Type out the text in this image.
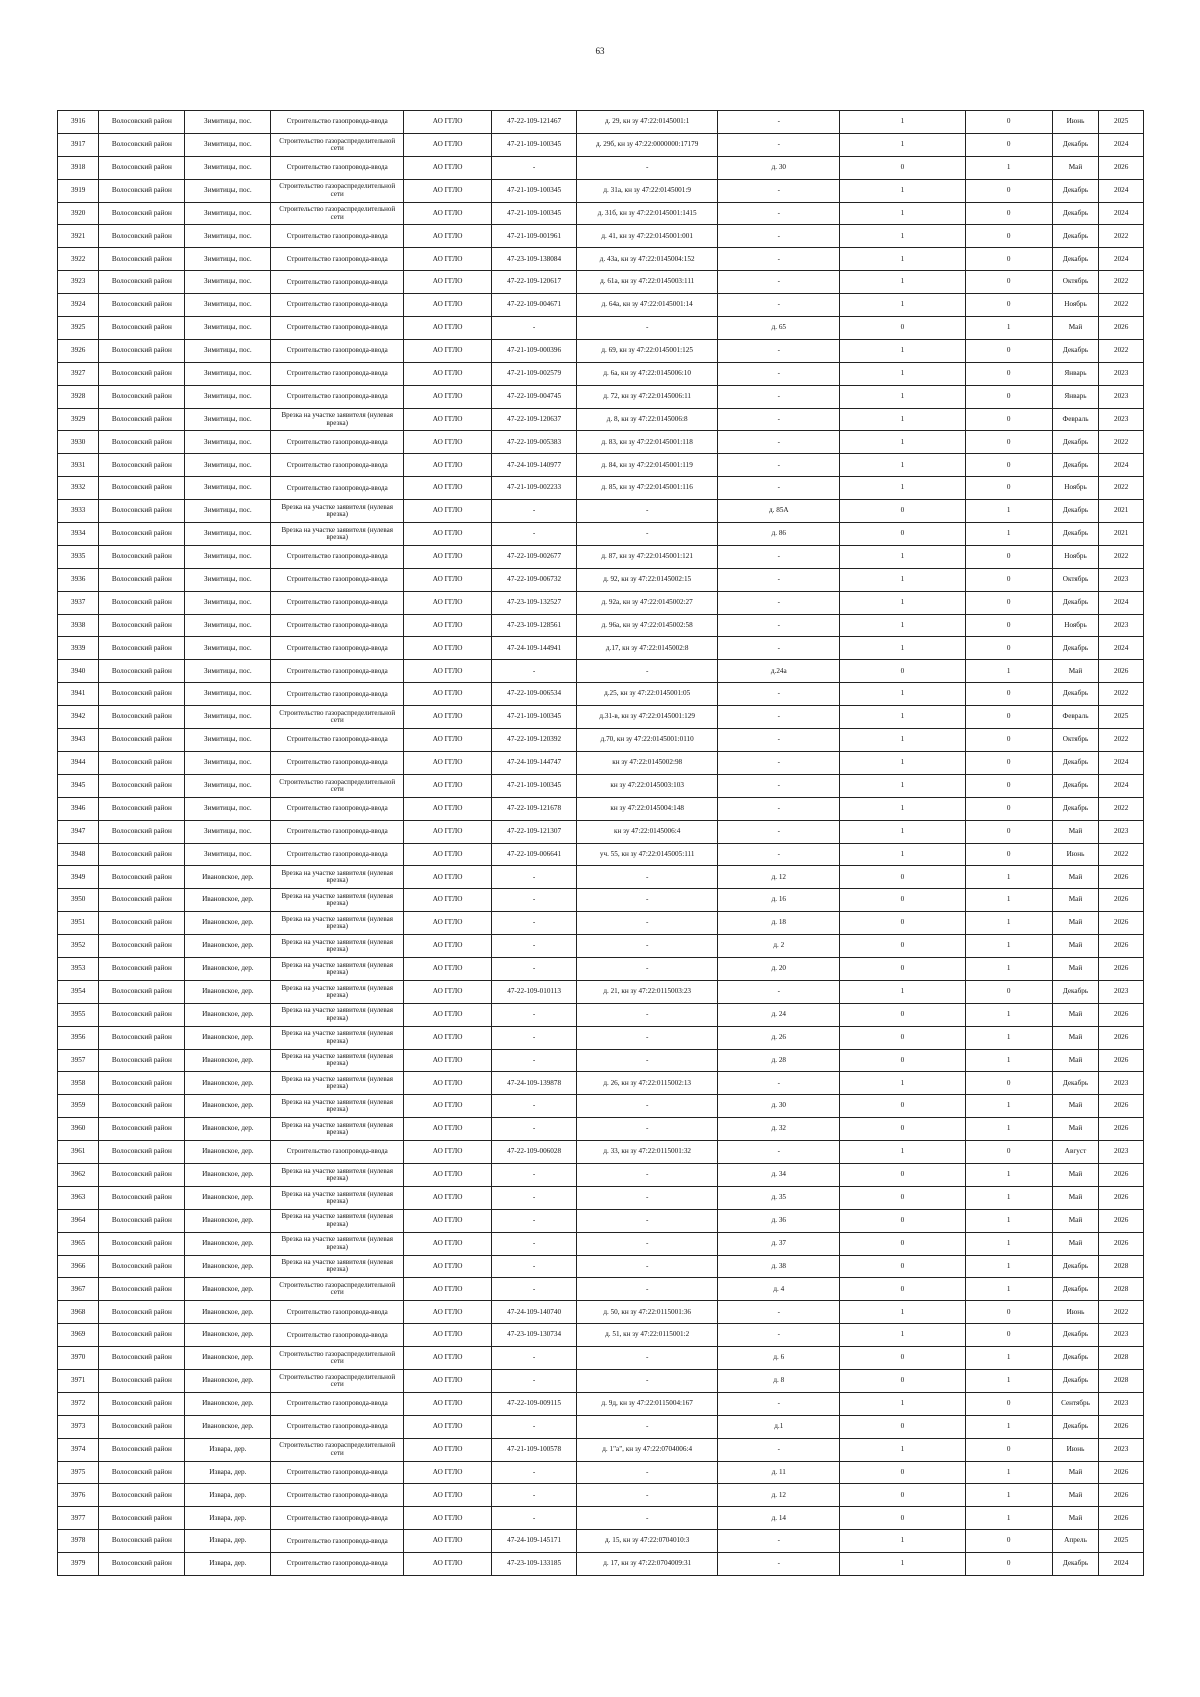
63
3916	Волосовский район	Зимитицы, пос.	Строительство газопровода-ввода	АО ГГЛО	47-22-109-121467	д. 29, кн зу 47:22:0145001:1	-	1	0	Июнь	2025
3917	Волосовский район	Зимитицы, пос.	Строительство газораспределительной сети	АО ГГЛО	47-21-109-100345	д. 29б, кн зу 47:22:0000000:17179	-	1	0	Декабрь	2024
3918	Волосовский район	Зимитицы, пос.	Строительство газопровода-ввода	АО ГГЛО	-	-	д. 30	0	1	Май	2026
3919	Волосовский район	Зимитицы, пос.	Строительство газораспределительной сети	АО ГГЛО	47-21-109-100345	д. 31а, кн зу 47:22:0145001:9	-	1	0	Декабрь	2024
3920	Волосовский район	Зимитицы, пос.	Строительство газораспределительной сети	АО ГГЛО	47-21-109-100345	д. 31б, кн зу 47:22:0145001:1415	-	1	0	Декабрь	2024
3921	Волосовский район	Зимитицы, пос.	Строительство газопровода-ввода	АО ГГЛО	47-21-109-001961	д. 41, кн зу 47:22:0145001:001	-	1	0	Декабрь	2022
3922	Волосовский район	Зимитицы, пос.	Строительство газопровода-ввода	АО ГГЛО	47-23-109-138084	д. 43а, кн зу 47:22:0145004:152	-	1	0	Декабрь	2024
3923	Волосовский район	Зимитицы, пос.	Строительство газопровода-ввода	АО ГГЛО	47-22-109-120617	д. 61а, кн зу 47:22:0145003:111	-	1	0	Октябрь	2022
3924	Волосовский район	Зимитицы, пос.	Строительство газопровода-ввода	АО ГГЛО	47-22-109-004671	д. 64а, кн зу 47:22:0145001:14	-	1	0	Ноябрь	2022
3925	Волосовский район	Зимитицы, пос.	Строительство газопровода-ввода	АО ГГЛО	-	-	д. 65	0	1	Май	2026
3926	Волосовский район	Зимитицы, пос.	Строительство газопровода-ввода	АО ГГЛО	47-21-109-000396	д. 69, кн зу 47:22:0145001:125	-	1	0	Декабрь	2022
3927	Волосовский район	Зимитицы, пос.	Строительство газопровода-ввода	АО ГГЛО	47-21-109-002579	д. 6а, кн зу 47:22:0145006:10	-	1	0	Январь	2023
3928	Волосовский район	Зимитицы, пос.	Строительство газопровода-ввода	АО ГГЛО	47-22-109-004745	д. 72, кн зу 47:22:0145006:11	-	1	0	Январь	2023
3929	Волосовский район	Зимитицы, пос.	Врезка на участке заявителя (нулевая врезка)	АО ГГЛО	47-22-109-120637	д. 8, кн зу 47:22:0145006:8	-	1	0	Февраль	2023
3930	Волосовский район	Зимитицы, пос.	Строительство газопровода-ввода	АО ГГЛО	47-22-109-005383	д. 83, кн зу 47:22:0145001:118	-	1	0	Декабрь	2022
3931	Волосовский район	Зимитицы, пос.	Строительство газопровода-ввода	АО ГГЛО	47-24-109-140977	д. 84, кн зу 47:22:0145001:119	-	1	0	Декабрь	2024
3932	Волосовский район	Зимитицы, пос.	Строительство газопровода-ввода	АО ГГЛО	47-21-109-002233	д. 85, кн зу 47:22:0145001:116	-	1	0	Ноябрь	2022
3933	Волосовский район	Зимитицы, пос.	Врезка на участке заявителя (нулевая врезка)	АО ГГЛО	-	-	д. 85А	0	1	Декабрь	2021
3934	Волосовский район	Зимитицы, пос.	Врезка на участке заявителя (нулевая врезка)	АО ГГЛО	-	-	д. 86	0	1	Декабрь	2021
3935	Волосовский район	Зимитицы, пос.	Строительство газопровода-ввода	АО ГГЛО	47-22-109-002677	д. 87, кн зу 47:22:0145001:121	-	1	0	Ноябрь	2022
3936	Волосовский район	Зимитицы, пос.	Строительство газопровода-ввода	АО ГГЛО	47-22-109-006732	д. 92, кн зу 47:22:0145002:15	-	1	0	Октябрь	2023
3937	Волосовский район	Зимитицы, пос.	Строительство газопровода-ввода	АО ГГЛО	47-23-109-132527	д. 92а, кн зу 47:22:0145002:27	-	1	0	Декабрь	2024
3938	Волосовский район	Зимитицы, пос.	Строительство газопровода-ввода	АО ГГЛО	47-23-109-128561	д. 96а, кн зу 47:22:0145002:58	-	1	0	Ноябрь	2023
3939	Волосовский район	Зимитицы, пос.	Строительство газопровода-ввода	АО ГГЛО	47-24-109-144941	д.17, кн зу 47:22:0145002:8	-	1	0	Декабрь	2024
3940	Волосовский район	Зимитицы, пос.	Строительство газопровода-ввода	АО ГГЛО	-	-	д.24а	0	1	Май	2026
3941	Волосовский район	Зимитицы, пос.	Строительство газопровода-ввода	АО ГГЛО	47-22-109-006534	д.25, кн зу 47:22:0145001:05	-	1	0	Декабрь	2022
3942	Волосовский район	Зимитицы, пос.	Строительство газораспределительной сети	АО ГГЛО	47-21-109-100345	д.31-в, кн зу 47:22:0145001:129	-	1	0	Февраль	2025
3943	Волосовский район	Зимитицы, пос.	Строительство газопровода-ввода	АО ГГЛО	47-22-109-120392	д.70, кн зу 47:22:0145001:0110	-	1	0	Октябрь	2022
3944	Волосовский район	Зимитицы, пос.	Строительство газопровода-ввода	АО ГГЛО	47-24-109-144747	кн зу 47:22:0145002:98	-	1	0	Декабрь	2024
3945	Волосовский район	Зимитицы, пос.	Строительство газораспределительной сети	АО ГГЛО	47-21-109-100345	кн зу 47:22:0145003:103	-	1	0	Декабрь	2024
3946	Волосовский район	Зимитицы, пос.	Строительство газопровода-ввода	АО ГГЛО	47-22-109-121678	кн зу 47:22:0145004:148	-	1	0	Декабрь	2022
3947	Волосовский район	Зимитицы, пос.	Строительство газопровода-ввода	АО ГГЛО	47-22-109-121307	кн зу 47:22:0145006:4	-	1	0	Май	2023
3948	Волосовский район	Зимитицы, пос.	Строительство газопровода-ввода	АО ГГЛО	47-22-109-006641	уч. 55, кн зу 47:22:0145005:111	-	1	0	Июнь	2022
3949	Волосовский район	Ивановское, дер.	Врезка на участке заявителя (нулевая врезка)	АО ГГЛО	-	-	д. 12	0	1	Май	2026
3950	Волосовский район	Ивановское, дер.	Врезка на участке заявителя (нулевая врезка)	АО ГГЛО	-	-	д. 16	0	1	Май	2026
3951	Волосовский район	Ивановское, дер.	Врезка на участке заявителя (нулевая врезка)	АО ГГЛО	-	-	д. 18	0	1	Май	2026
3952	Волосовский район	Ивановское, дер.	Врезка на участке заявителя (нулевая врезка)	АО ГГЛО	-	-	д. 2	0	1	Май	2026
3953	Волосовский район	Ивановское, дер.	Врезка на участке заявителя (нулевая врезка)	АО ГГЛО	-	-	д. 20	0	1	Май	2026
3954	Волосовский район	Ивановское, дер.	Врезка на участке заявителя (нулевая врезка)	АО ГГЛО	47-22-109-010113	д. 21, кн зу 47:22:0115003:23	-	1	0	Декабрь	2023
3955	Волосовский район	Ивановское, дер.	Врезка на участке заявителя (нулевая врезка)	АО ГГЛО	-	-	д. 24	0	1	Май	2026
3956	Волосовский район	Ивановское, дер.	Врезка на участке заявителя (нулевая врезка)	АО ГГЛО	-	-	д. 26	0	1	Май	2026
3957	Волосовский район	Ивановское, дер.	Врезка на участке заявителя (нулевая врезка)	АО ГГЛО	-	-	д. 28	0	1	Май	2026
3958	Волосовский район	Ивановское, дер.	Врезка на участке заявителя (нулевая врезка)	АО ГГЛО	47-24-109-139878	д. 26, кн зу 47:22:0115002:13	-	1	0	Декабрь	2023
3959	Волосовский район	Ивановское, дер.	Врезка на участке заявителя (нулевая врезка)	АО ГГЛО	-	-	д. 30	0	1	Май	2026
3960	Волосовский район	Ивановское, дер.	Врезка на участке заявителя (нулевая врезка)	АО ГГЛО	-	-	д. 32	0	1	Май	2026
3961	Волосовский район	Ивановское, дер.	Строительство газопровода-ввода	АО ГГЛО	47-22-109-006028	д. 33, кн зу 47:22:0115001:32	-	1	0	Август	2023
3962	Волосовский район	Ивановское, дер.	Врезка на участке заявителя (нулевая врезка)	АО ГГЛО	-	-	д. 34	0	1	Май	2026
3963	Волосовский район	Ивановское, дер.	Врезка на участке заявителя (нулевая врезка)	АО ГГЛО	-	-	д. 35	0	1	Май	2026
3964	Волосовский район	Ивановское, дер.	Врезка на участке заявителя (нулевая врезка)	АО ГГЛО	-	-	д. 36	0	1	Май	2026
3965	Волосовский район	Ивановское, дер.	Врезка на участке заявителя (нулевая врезка)	АО ГГЛО	-	-	д. 37	0	1	Май	2026
3966	Волосовский район	Ивановское, дер.	Врезка на участке заявителя (нулевая врезка)	АО ГГЛО	-	-	д. 38	0	1	Декабрь	2028
3967	Волосовский район	Ивановское, дер.	Строительство газораспределительной сети	АО ГГЛО	-	-	д. 4	0	1	Декабрь	2028
3968	Волосовский район	Ивановское, дер.	Строительство газопровода-ввода	АО ГГЛО	47-24-109-140740	д. 50, кн зу 47:22:0115001:36	-	1	0	Июнь	2022
3969	Волосовский район	Ивановское, дер.	Строительство газопровода-ввода	АО ГГЛО	47-23-109-130734	д. 51, кн зу 47:22:0115001:2	-	1	0	Декабрь	2023
3970	Волосовский район	Ивановское, дер.	Строительство газораспределительной сети	АО ГГЛО	-	-	д. 6	0	1	Декабрь	2028
3971	Волосовский район	Ивановское, дер.	Строительство газораспределительной сети	АО ГГЛО	-	-	д. 8	0	1	Декабрь	2028
3972	Волосовский район	Ивановское, дер.	Строительство газопровода-ввода	АО ГГЛО	47-22-109-009115	д. 9д, кн зу 47:22:0115004:167	-	1	0	Сентябрь	2023
3973	Волосовский район	Ивановское, дер.	Строительство газопровода-ввода	АО ГГЛО	-	-	д.1	0	1	Декабрь	2026
3974	Волосовский район	Извара, дер.	Строительство газораспределительной сети	АО ГГЛО	47-21-109-100578	д. 1"а", кн зу 47:22:0704006:4	-	1	0	Июнь	2023
3975	Волосовский район	Извара, дер.	Строительство газопровода-ввода	АО ГГЛО	-	-	д. 11	0	1	Май	2026
3976	Волосовский район	Извара, дер.	Строительство газопровода-ввода	АО ГГЛО	-	-	д. 12	0	1	Май	2026
3977	Волосовский район	Извара, дер.	Строительство газопровода-ввода	АО ГГЛО	-	-	д. 14	0	1	Май	2026
3978	Волосовский район	Извара, дер.	Строительство газопровода-ввода	АО ГГЛО	47-24-109-145171	д. 15, кн зу 47:22:0704010:3	-	1	0	Апрель	2025
3979	Волосовский район	Извара, дер.	Строительство газопровода-ввода	АО ГГЛО	47-23-109-133185	д. 17, кн зу 47:22:0704009:31	-	1	0	Декабрь	2024
